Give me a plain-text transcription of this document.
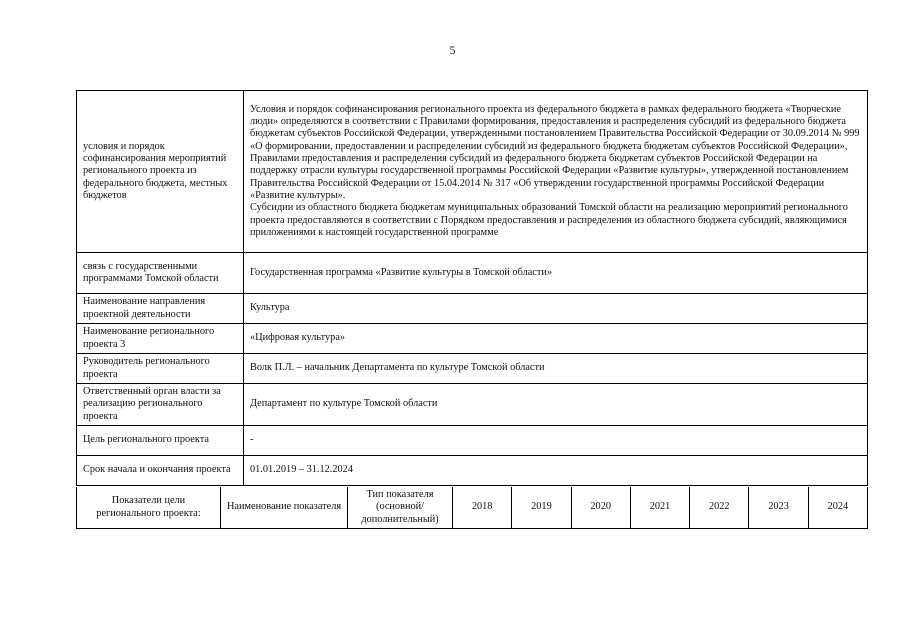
5
условия и порядок софинансирования мероприятий регионального проекта из федерального бюджета, местных бюджетов	Условия и порядок софинансирования регионального проекта из федерального бюджета в рамках федерального бюджета «Творческие люди» определяются в соответствии с Правилами формирования, предоставления и распределения субсидий из федерального бюджета бюджетам субъектов Российской Федерации, утвержденными постановлением Правительства Российской Федерации от 30.09.2014 № 999 «О формировании, предоставлении и распределении субсидий из федерального бюджета бюджетам субъектов Российской Федерации», Правилами предоставления и распределения субсидий из федерального бюджета бюджетам субъектов Российской Федерации на поддержку отрасли культуры государственной программы Российской Федерации «Развитие культуры», утвержденной постановлением Правительства Российской Федерации от 15.04.2014 № 317 «Об утверждении государственной программы Российской Федерации «Развитие культуры».

Субсидии из областного бюджета бюджетам муниципальных образований Томской области на реализацию мероприятий регионального проекта предоставляются в соответствии с Порядком предоставления и распределения из областного бюджета субсидий, являющимися приложениями к настоящей государственной программе

связь с государственными программами Томской области	Государственная программа «Развитие культуры в Томской области»
Наименование направления проектной деятельности	Культура
Наименование регионального проекта 3	«Цифровая культура»
Руководитель регионального проекта	Волк П.Л. – начальник Департамента по культуре Томской области
Ответственный орган власти за реализацию регионального проекта	Департамент по культуре Томской области
Цель регионального проекта	-
Срок начала и окончания проекта	01.01.2019 – 31.12.2024
Показатели цели регионального проекта:	Наименование показателя	Тип показателя (основной/ дополнительный)	2018	2019	2020	2021	2022	2023	2024
